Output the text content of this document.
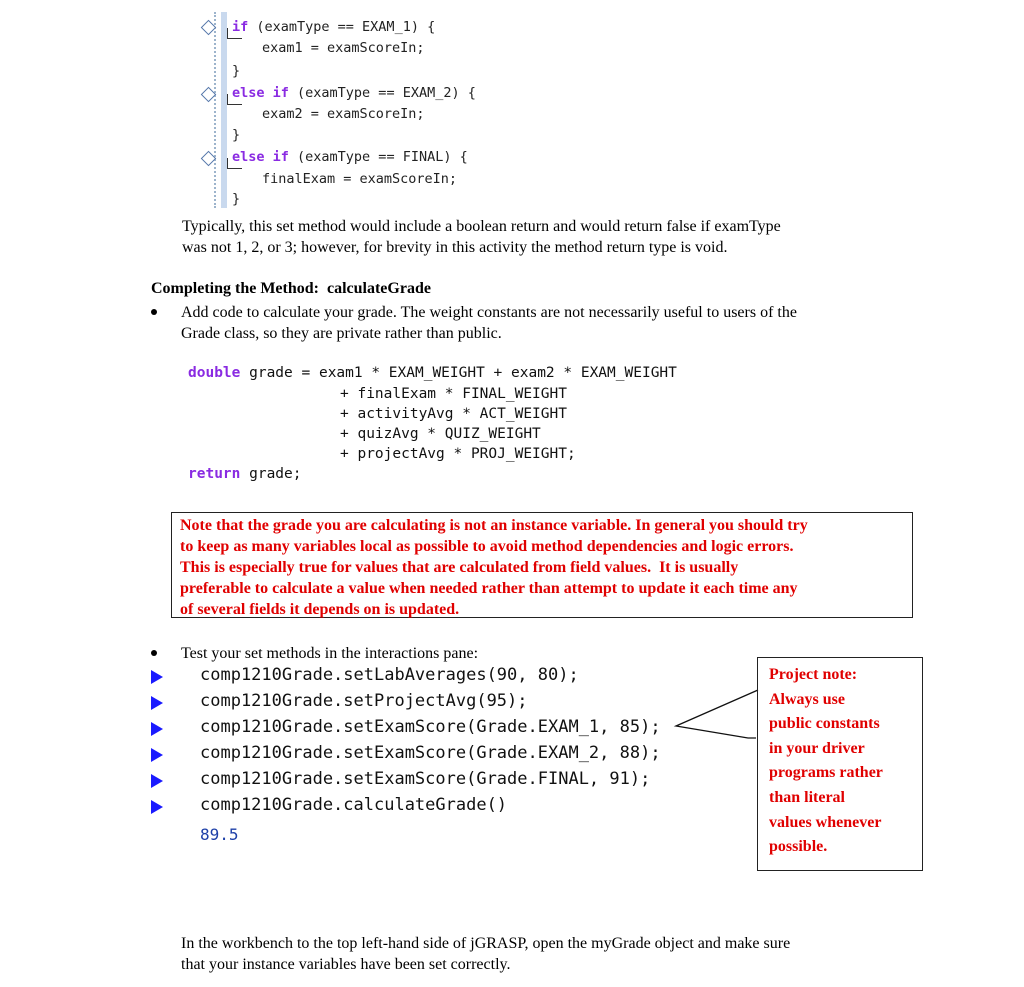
if (examType == EXAM_1) {
exam1 = examScoreIn;
}
else if (examType == EXAM_2) {
exam2 = examScoreIn;
}
else if (examType == FINAL) {
finalExam = examScoreIn;
}
Typically, this set method would include a boolean return and would return false if examType
was not 1, 2, or 3; however, for brevity in this activity the method return type is void.
Completing the Method:  calculateGrade
Add code to calculate your grade. The weight constants are not necessarily useful to users of the
Grade class, so they are private rather than public.
double grade = exam1 * EXAM_WEIGHT + exam2 * EXAM_WEIGHT
+ finalExam * FINAL_WEIGHT
+ activityAvg * ACT_WEIGHT
+ quizAvg * QUIZ_WEIGHT
+ projectAvg * PROJ_WEIGHT;
return grade;
Note that the grade you are calculating is not an instance variable. In general you should try
to keep as many variables local as possible to avoid method dependencies and logic errors.
This is especially true for values that are calculated from field values.  It is usually
preferable to calculate a value when needed rather than attempt to update it each time any
of several fields it depends on is updated.
Test your set methods in the interactions pane:
comp1210Grade.setLabAverages(90, 80);
comp1210Grade.setProjectAvg(95);
comp1210Grade.setExamScore(Grade.EXAM_1, 85);
comp1210Grade.setExamScore(Grade.EXAM_2, 88);
comp1210Grade.setExamScore(Grade.FINAL, 91);
comp1210Grade.calculateGrade()
89.5
Project note:
Always use
public constants
in your driver
programs rather
than literal
values whenever
possible.
In the workbench to the top left-hand side of jGRASP, open the myGrade object and make sure
that your instance variables have been set correctly.
